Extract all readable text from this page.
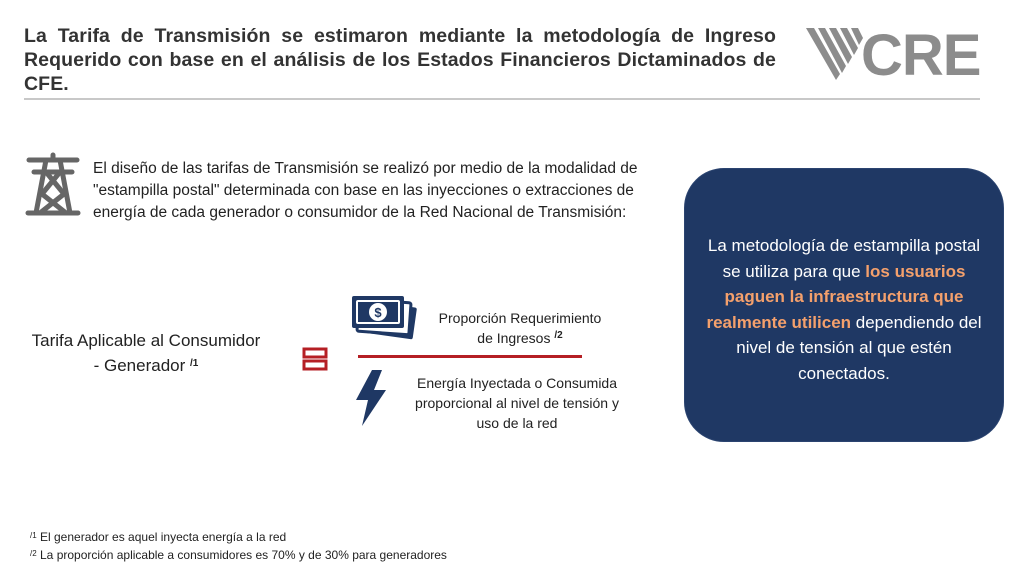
La Tarifa de Transmisión se estimaron mediante la metodología de Ingreso Requerido con base en el análisis de los Estados Financieros Dictaminados de CFE.	CRE
El diseño de las tarifas de Transmisión se realizó por medio de la modalidad de "estampilla postal" determinada con base en las inyecciones o extracciones de energía de cada generador o consumidor de la Red Nacional de Transmisión:
Tarifa Aplicable al Consumidor
- Generador $^{/1}$
$	Proporción Requerimiento
de Ingresos $^{/2}$
Energía Inyectada o Consumida proporcional al nivel de tensión y uso de la red
La metodología de estampilla postal se utiliza para que los usuarios paguen la infraestructura que realmente utilicen dependiendo del nivel de tensión al que estén conectados.
$^{/1}$ El generador es aquel inyecta energía a la red
$^{/2}$ La proporción aplicable a consumidores es 70% y de 30% para generadores
